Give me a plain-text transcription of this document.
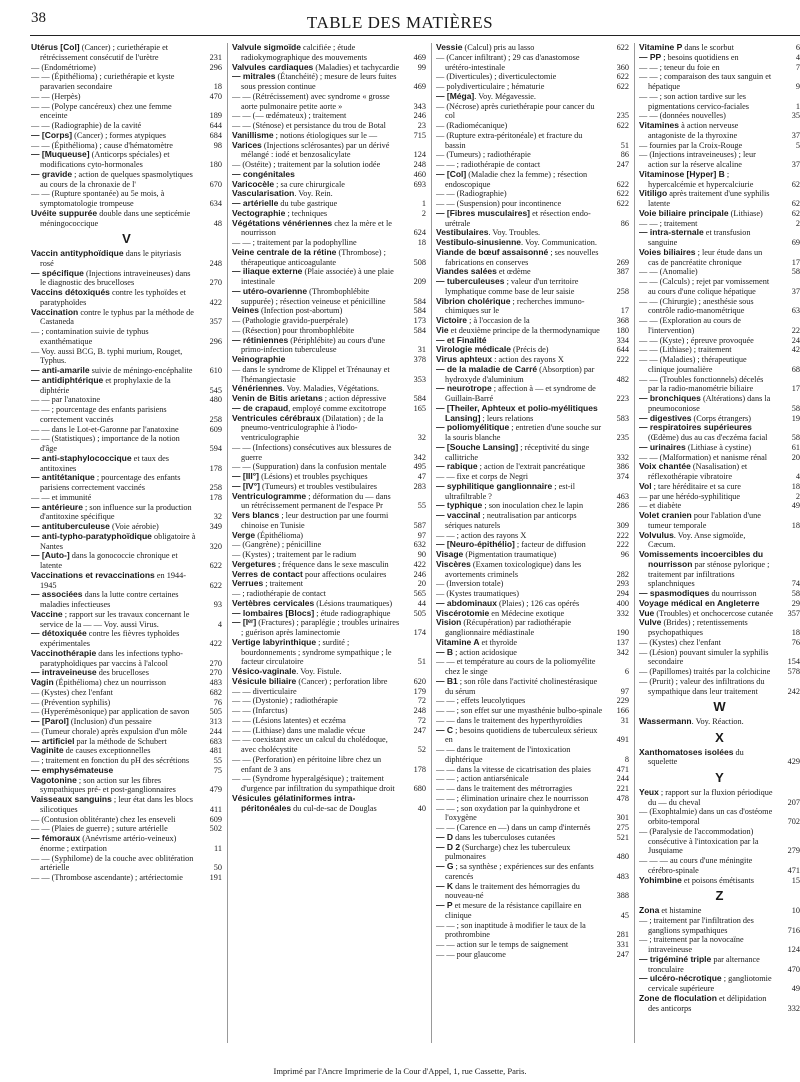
38	TABLE DES MATIÈRES
Utérus [Col] (Cancer) ; curiethérapie et rétrécissement consécutif de l'urètre	231
— (Endométriome)	296
— — (Épithélioma) ; curiethérapie et kyste paravarien secondaire	18
— — (Herpès)	470
— — (Polype cancéreux) chez une femme enceinte	189
— — (Radiographie) de la cavité	644
— [Corps] (Cancer) ; formes atypiques	684
— — (Épithélioma) ; cause d'hématomètre	98
— [Muqueuse] (Anticorps spéciales) et modifications cyto-hormonales	180
— gravide ; action de quelques spasmolytiques au cours de la chronaxie de l'	670
— — (Rupture spontanée) au 5e mois, à symptomatologie trompeuse	634
Uvéite suppurée double dans une septicémie méningococcique	48
V
Vaccin antityphoïdique dans le pityriasis rosé	248
— spécifique (Injections intraveineuses) dans le diagnostic des brucelloses	270
Vaccins détoxiqués contre les typhoïdes et paratyphoïdes	422
Vaccination contre le typhus par la méthode de Castaneda	357
— ; contamination suivie de typhus exanthématique	296
— Voy. aussi BCG, B. typhi murium, Rouget, Typhus.
— anti-amarile suivie de méningo-encéphalite 610
— antidiphtérique et prophylaxie de la diphtérie	545
— — par l'anatoxine	480
— — ; pourcentage des enfants parisiens correctement vaccinés	258
— — dans le Lot-et-Garonne par l'anatoxine	609
— — (Statistiques) ; importance de la notion d'âge	594
— anti-staphylococcique et taux des antitoxines	178
— antitétanique ; pourcentage des enfants parisiens correctement vaccinés	258
— — et immunité	178
— antérieure ; son influence sur la production d'antitoxine spécifique	32
— antituberculeuse (Voie aérobie)	349
— anti-typho-paratyphoïdique obligatoire à Nantes	320
— [Auto-] dans la gonococcie chronique et latente	622
Vaccinations et revaccinations en 1944-1945	622
— associées dans la lutte contre certaines maladies infectieuses	93
Vaccine ; rapport sur les travaux concernant le service de la — — Voy. aussi Virus.	4
— détoxiquée contre les fièvres typhoïdes expérimentales	422
Vaccinothérapie dans les infections typho-paratyphoïdiques par vaccins à l'alcool	270
— intraveineuse des brucelloses	270
Vagin (Épithélioma) chez un nourrisson	483
— (Kystes) chez l'enfant	682
— (Prévention syphilis)	76
— (Hyperémèsonique) par application de savon 505
— [Parol] (Inclusion) d'un pessaire	313
— (Tumeur chorale) après expulsion d'un môle	244
— artificiel par la méthode de Schubert	683
Vaginite de causes exceptionnelles	481
— ; traitement en fonction du pH des sécrétions	55
— emphysémateuse	75
Vagotonine ; son action sur les fibres sympathiques pré- et post-ganglionnaires	479
Vaisseaux sanguins ; leur état dans les blocs silicotiques	411
— (Contusion oblitérante) chez les enseveli	609
— — (Plaies de guerre) ; suture artérielle	502
— fémoraux (Anévrisme artério-veineux) énorme ; extirpation	11
— — (Syphilome) de la couche avec oblitération artérielle	50
— — (Thrombose ascendante) ; artériectomie	191
Valvule sigmoïde calcifiée ; étude radiokymographique des mouvements	469
Valvules cardiaques (Maladies) et tachycardie 99
— mitrales (Étanchéité) ; mesure de leurs fuites sous pression continue	469
— — (Rétrécissement) avec syndrome « grosse aorte pulmonaire petite aorte »	343
— — (— œdémateux) ; traitement	246
— — (Sténose) et persistance du trou de Botal	23
Vanillisme ; notions étiologiques sur le —	715
Varices (Injections sclérosantes) par un dérivé mélangé : iodé et benzosalicylate	124
— (Ostéite) ; traitement par la solution iodée	248
— congénitales	460
Varicocèle ; sa cure chirurgicale	693
Vascularisation. Voy. Rein.
— artérielle du tube gastrique	1
Vectographie ; techniques	2
Végétations vénériennes chez la mère et le nourrisson	624
— — ; traitement par la podophylline	18
Veine centrale de la rétine (Thrombose) ; thérapeutique anticoagulante	508
— iliaque externe (Plaie associée) à une plaie intestinale	209
— utéro-ovarienne (Thrombophlébite suppurée) ; résection veineuse et pénicilline	584
Veines (Infection post-abortum)	584
— (Pathologie gravido-puerpérale)	173
— (Résection) pour thrombophlébite	584
— rétiniennes (Périphlébite) au cours d'une primo-infection tuberculeuse	31
Veinographie	378
— dans le syndrome de Klippel et Trénaunay et l'hémangiectasie	353
Vénériennes. Voy. Maladies, Végétations.
Venin de Bitis arietans ; action dépressive	584
— de crapaud, employé comme excitotrope	165
Ventricules cérébraux (Dilatation) ; de la pneumo-ventriculographie à l'iodo-ventriculographie	32
— — (Infections) consécutives aux blessures de guerre	342
— — (Suppuration) dans la confusion mentale	495
— [III°] (Lésions) et troubles psychiques	47
— [IV°] (Tumeurs) et troubles vestibulaires	283
Ventriculogramme ; déformation du — dans un rétrécissement permanent de l'espace Pr	55
Vers blancs ; leur destruction par une fourmi chinoise en Tunisie	587
Verge (Épithélioma)	97
— (Gangrène) ; pénicilline	632
— (Kystes) ; traitement par le radium	90
Vergetures ; fréquence dans le sexe masculin	422
Verres de contact pour affections oculaires	246
Verrues ; traitement	20
— ; radiothérapie de contact	565
Vertèbres cervicales (Lésions traumatiques)	44
— lombaires [Blocs] ; étude radiographique	505
— [Iᵉʳ] (Fractures) ; paraplégie ; troubles urinaires ; guérison après laminectomie	174
Vertige labyrinthique ; surdité ; bourdonnements ; syndrome sympathique ; le facteur circulatoire	51
Vésico-vaginale. Voy. Fistule.
Vésicule biliaire (Cancer) ; perforation libre	620
— — diverticulaire	179
— — (Dystonie) ; radiothérapie	72
— — (Infarctus)	248
— — (Lésions latentes) et eczéma	72
— — (Lithiase) dans une maladie vécue	247
— — coexistant avec un calcul du cholédoque, avec cholécystite	52
— — (Perforation) en péritoine libre chez un enfant de 3 ans	178
— — (Syndrome hyperalgésique) ; traitement d'urgence par infiltration du sympathique droit 680
Vésicules gélatiniformes intra-péritonéales du cul-de-sac de Douglas	40
Vessie (Calcul) pris au lasso	622
— (Cancer infiltrant) ; 29 cas d'anastomose urétéro-intestinale	360
— (Diverticules) ; diverticulectomie	622
— polydiverticulaire ; hématurie	622
— [Méga]. Voy. Mégavessie.
— (Nécrose) après curiethérapie pour cancer du col	235
— (Radiomécanique)	622
— (Rupture extra-péritonéale) et fracture du bassin	51
— (Tumeurs) ; radiothérapie	86
— — ; radiothérapie de contact	247
— [Col] (Maladie chez la femme) ; résection endoscopique	622
— — (Radiographie)	622
— — (Suspension) pour incontinence	622
— [Fibres musculaires] et résection endo-urétrale	86
Vestibulaires. Voy. Troubles.
Vestibulo-sinusienne. Voy. Communication.
Viande de bœuf assaisonné ; ses nouvelles fabrications en conserves	269
Viandes salées et œdème	387
— tuberculeuses ; valeur d'un territoire lymphatique comme base de leur saisie	258
Vibrion cholérique ; recherches immuno-chimiques sur le	17
Victoire ; à l'occasion de la	368
Vie et deuxième principe de la thermodynamique 180
— et Finalité	334
Virologie médicale (Précis de)	644
Virus aphteux : action des rayons X	222
— de la maladie de Carré (Absorption) par hydroxyde d'aluminium	482
— neurotrope ; affection à — et syndrome de Guillain-Barré	223
— [Theiler, Aphteux et polio-myélitiques Lansing] ; leurs relations	583
— poliomyélitique ; entretien d'une souche sur la souris blanche	235
— [Souche Lansing] ; réceptivité du singe callitriche	332
— rabique ; action de l'extrait pancréatique	386
— — fixe et corps de Negri	374
— syphilitique ganglionnaire ; est-il ultrafiltrable ?	463
— typhique ; son inoculation chez le lapin	286
— vaccinal ; neutralisation par anticorps sériques naturels	309
— — ; action des rayons X	222
— [Neuro-épithélio] ; facteur de diffusion	222
Visage (Pigmentation traumatique)	96
Viscères (Examen toxicologique) dans les avortements criminels	282
— (Inversion totale)	293
— (Kystes traumatiques)	294
— abdominaux (Plaies) ; 126 cas opérés	400
Viscérotomie en Médecine exotique	332
Vision (Récupération) par radiothérapie ganglionnaire médiastinale	190
Vitamine A et thyroïde	137
— B ; action acidosique	342
— — et température au cours de la poliomyélite chez le singe	6
— B1 ; son rôle dans l'activité cholinestérasique du sérum	97
— — ; effets leucolytiques	229
— — ; son effet sur une myasthénie bulbo-spinale 166
— — dans le traitement des hyperthyroïdies	31
— C ; besoins quotidiens de tuberculeux sérieux en	491
— — dans le traitement de l'intoxication diphtérique	8
— — dans la vitesse de cicatrisation des plaies	471
— — ; action antiarsénicale	244
— — dans le traitement des métrorragies	221
— — ; élimination urinaire chez le nourrisson	478
— — ; son oxydation par la quinhydrone et l'oxygène	301
— — (Carence en —) dans un camp d'internés	275
— D dans les tuberculoses cutanées	521
— D 2 (Surcharge) chez les tuberculeux pulmonaires	480
— G ; sa synthèse ; expériences sur des enfants carencés	483
— K dans le traitement des hémorragies du nouveau-né	388
— P et mesure de la résistance capillaire en clinique	45
— — ; son inaptitude à modifier le taux de la prothrombine	281
— — action sur le temps de saignement	331
— — pour glaucome	247
Vitamine P dans le scorbut	6
— PP ; besoins quotidiens en	4
— — ; teneur du foie en	7
— — ; comparaison des taux sanguin et hépatique	9
— — ; son action tardive sur les pigmentations cervico-faciales	1
— — (données nouvelles)	35
Vitamines à action nerveuse antagoniste de la thyroxine	37
— fournies par la Croix-Rouge	5
— (Injections intraveineuses) ; leur action sur la réserve alcaline	37
Vitaminose [Hyper] B ; hypercalcémie et hypercalciurie	62
Vitiligo après traitement d'une syphilis latente	62
Voie biliaire principale (Lithiase)	62
— — ; traitement	2
— intra-sternale et transfusion sanguine	69
Voies biliaires ; leur étude dans un cas de pancréatite chronique	17
— — (Anomalie)	58
— — (Calculs) ; rejet par vomissement au cours d'une colique hépatique	37
— — (Chirurgie) ; anesthésie sous contrôle radio-manométrique	63
— — (Exploration au cours de l'intervention)	22
— — (Kyste) ; épreuve provoquée	24
— — (Lithiase) ; traitement	42
— — (Maladies) ; thérapeutique clinique journalière	68
— — (Troubles fonctionnels) décelés par la radio-manométrie biliaire	17
— bronchiques (Altérations) dans la pneumoconiose	58
— digestives (Corps étrangers)	19
— respiratoires supérieures (Œdème) dus au cas d'eczéma facial	58
— urinaires (Lithiase à cystine)	61
— — (Malformation) et nanisme rénal	20
Voix chantée (Nasalisation) et réflexothérapie vibratoire	4
Vol ; tare héréditaire et sa cure	18
— par une hérédo-syphilitique	2
— et diabète	49
Volet cranien pour l'ablation d'une tumeur temporale	18
Volvulus. Voy. Anse sigmoïde, Cæcum.
Vomissements incoercibles du nourrisson par sténose pylorique ; traitement par infiltrations splanchniques	74
— spasmodiques du nourrisson	58
Voyage médical en Angleterre	29
Vue (Troubles) et onchocercose cutanée 357
Vulve (Brides) ; retentissements psychopathiques	18
— (Kystes) chez l'enfant	76
— (Lésion) pouvant simuler la syphilis secondaire	154
— (Papillomes) traités par la colchicine 578
— (Prurit) ; valeur des infiltrations du sympathique dans leur traitement	242
W
Wassermann. Voy. Réaction.
X
Xanthomatoses isolées du squelette	429
Y
Yeux ; rapport sur la fluxion périodique du — du cheval	207
— (Exophtalmie) dans un cas d'ostéome orbito-temporal	702
— (Paralysie de l'accommodation) consécutive à l'intoxication par la Jusquiame	279
— — — au cours d'une méningite cérébro-spinale	471
Yohimbine et poisons émétisants	15
Z
Zona et histamine	10
— ; traitement par l'infiltration des ganglions sympathiques	716
— ; traitement par la novocaïne intraveineuse	124
— trigéminé triple par alternance tronculaire	470
— ulcéro-nécrotique ; gangliotomie cervicale supérieure	49
Zone de floculation et délipidation des anticorps	332
Imprimé par l'Ancre Imprimerie de la Cour d'Appel, 1, rue Cassette, Paris.
